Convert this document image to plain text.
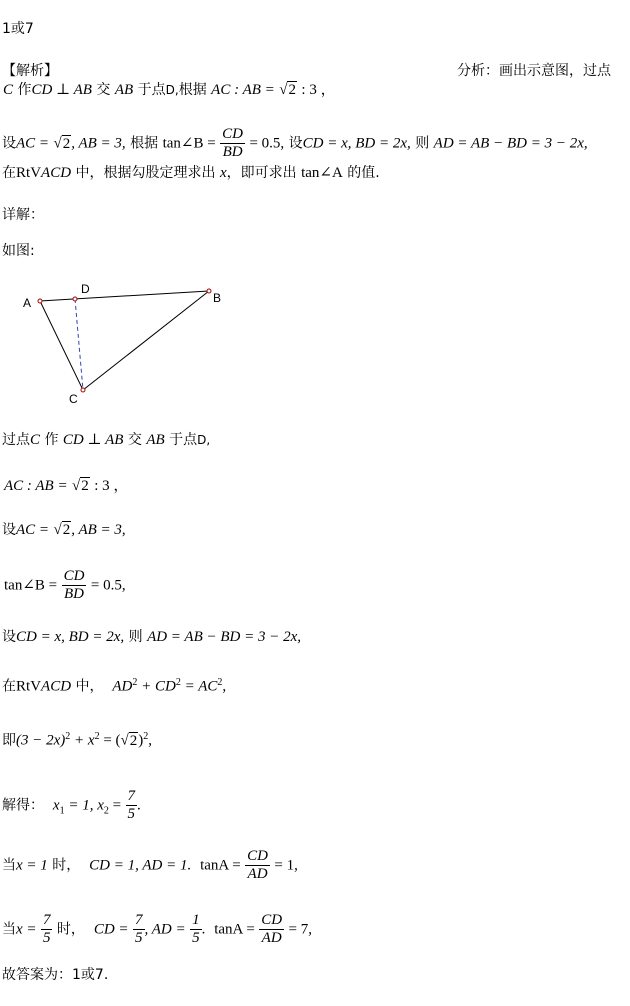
1或7
【解析】	分析：画出示意图，过点
C 作CD ⊥ AB 交 AB 于点D,根据 AC : AB = √2 : 3 ，
设AC = √2, AB = 3, 根据 tan∠B = $\frac{CD}{BD} = 0.5$, 设CD = x, BD = 2x, 则 AD = AB − BD = 3 − 2x,
在RtVACD 中，根据勾股定理求出 x，即可求出 tan∠A 的值.
详解：
如图:
A	B
C
D
过点C 作 CD ⊥ AB 交 AB 于点D,
AC : AB = √2 : 3 ，
设AC = √2, AB = 3,
tan∠B = $\frac{CD}{BD} = 0.5$,
设CD = x, BD = 2x, 则 AD = AB − BD = 3 − 2x,
在RtVACD 中， $AD^2 + CD^2 = AC^2$,
即$(3 - 2x)^2 + x^2 = (√2)^2$,
解得： $x_1 = 1$, $x_2 = \frac{7}{5}$ .
当x = 1 时， CD = 1, AD = 1. $\tan A = \frac{CD}{AD} = 1$,
当$x = \frac{7}{5}$ 时， CD = $\frac{7}{5}$ , AD = $\frac{1}{5}$ . $\tan A = \frac{CD}{AD} = 7$,
故答案为：1或7.
